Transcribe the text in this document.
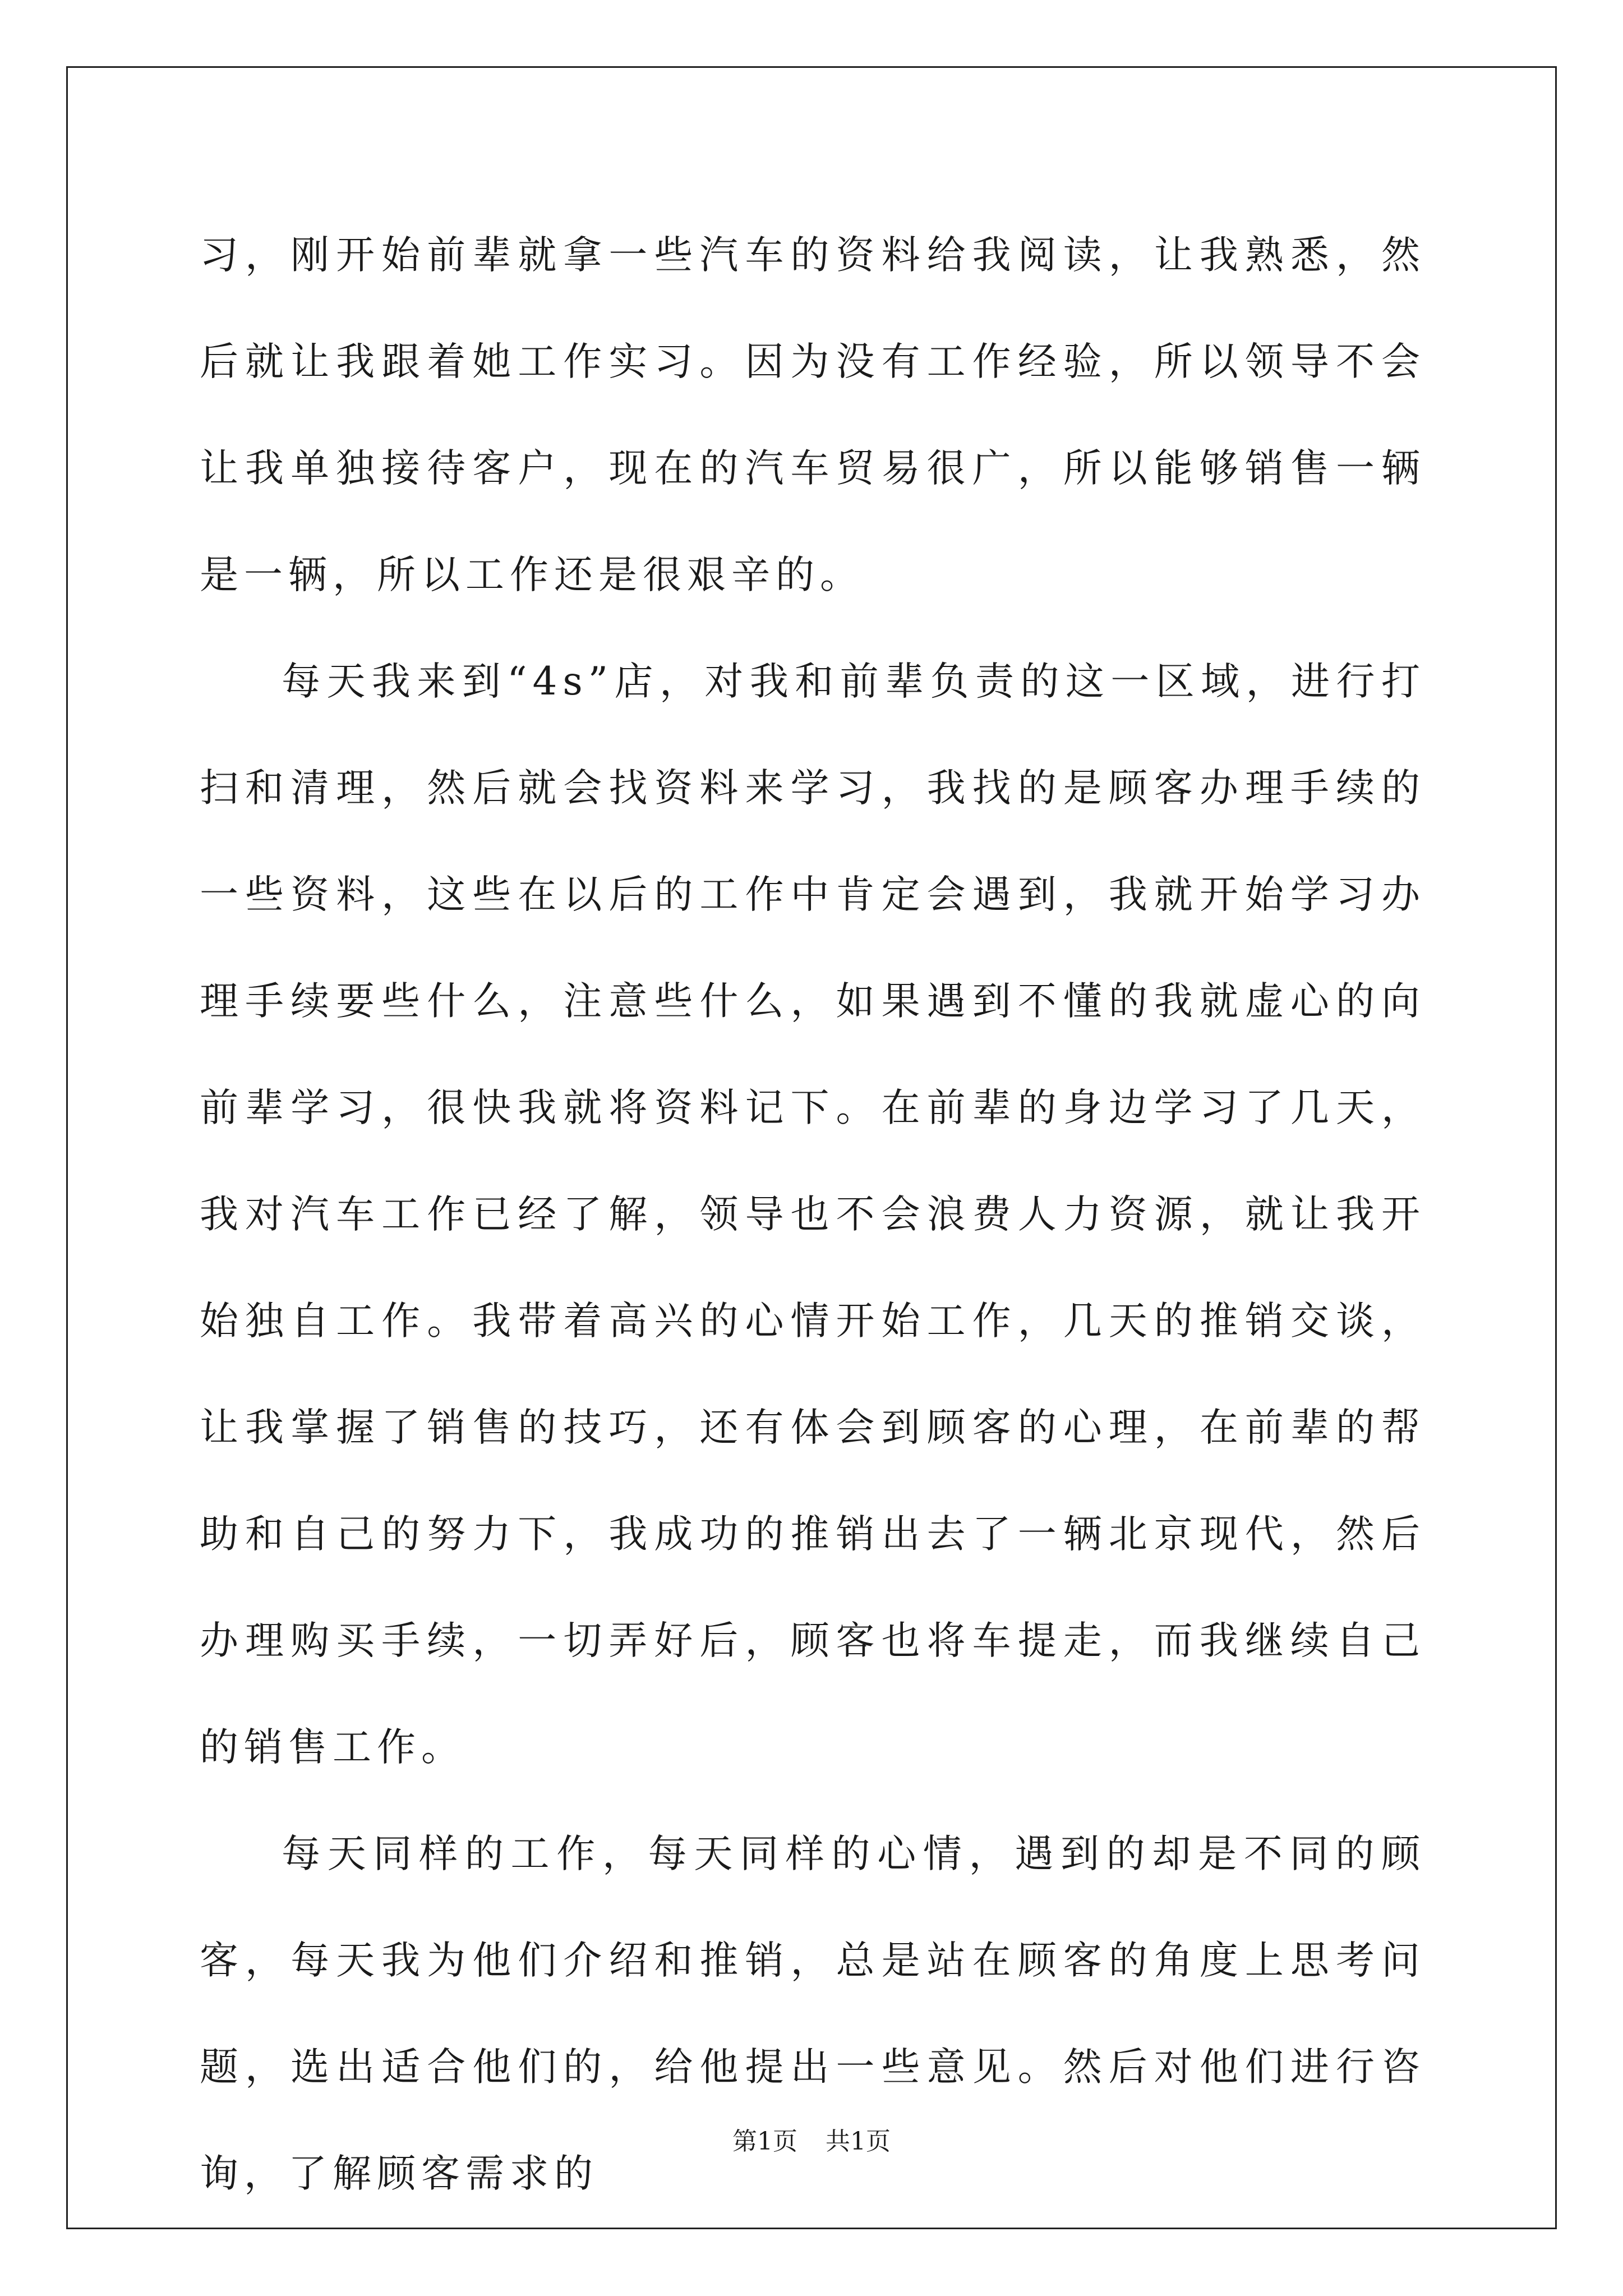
习，刚开始前辈就拿一些汽车的资料给我阅读，让我熟悉，然后就让我跟着她工作实习。因为没有工作经验，所以领导不会让我单独接待客户，现在的汽车贸易很广，所以能够销售一辆是一辆，所以工作还是很艰辛的。

每天我来到“4s”店，对我和前辈负责的这一区域，进行打扫和清理，然后就会找资料来学习，我找的是顾客办理手续的一些资料，这些在以后的工作中肯定会遇到，我就开始学习办理手续要些什么，注意些什么，如果遇到不懂的我就虚心的向前辈学习，很快我就将资料记下。在前辈的身边学习了几天，我对汽车工作已经了解，领导也不会浪费人力资源，就让我开始独自工作。我带着高兴的心情开始工作，几天的推销交谈，让我掌握了销售的技巧，还有体会到顾客的心理，在前辈的帮助和自己的努力下，我成功的推销出去了一辆北京现代，然后办理购买手续，一切弄好后，顾客也将车提走，而我继续自己的销售工作。

每天同样的工作，每天同样的心情，遇到的却是不同的顾客，每天我为他们介绍和推销，总是站在顾客的角度上思考问题，选出适合他们的，给他提出一些意见。然后对他们进行咨询，了解顾客需求的

第1页 共1页
